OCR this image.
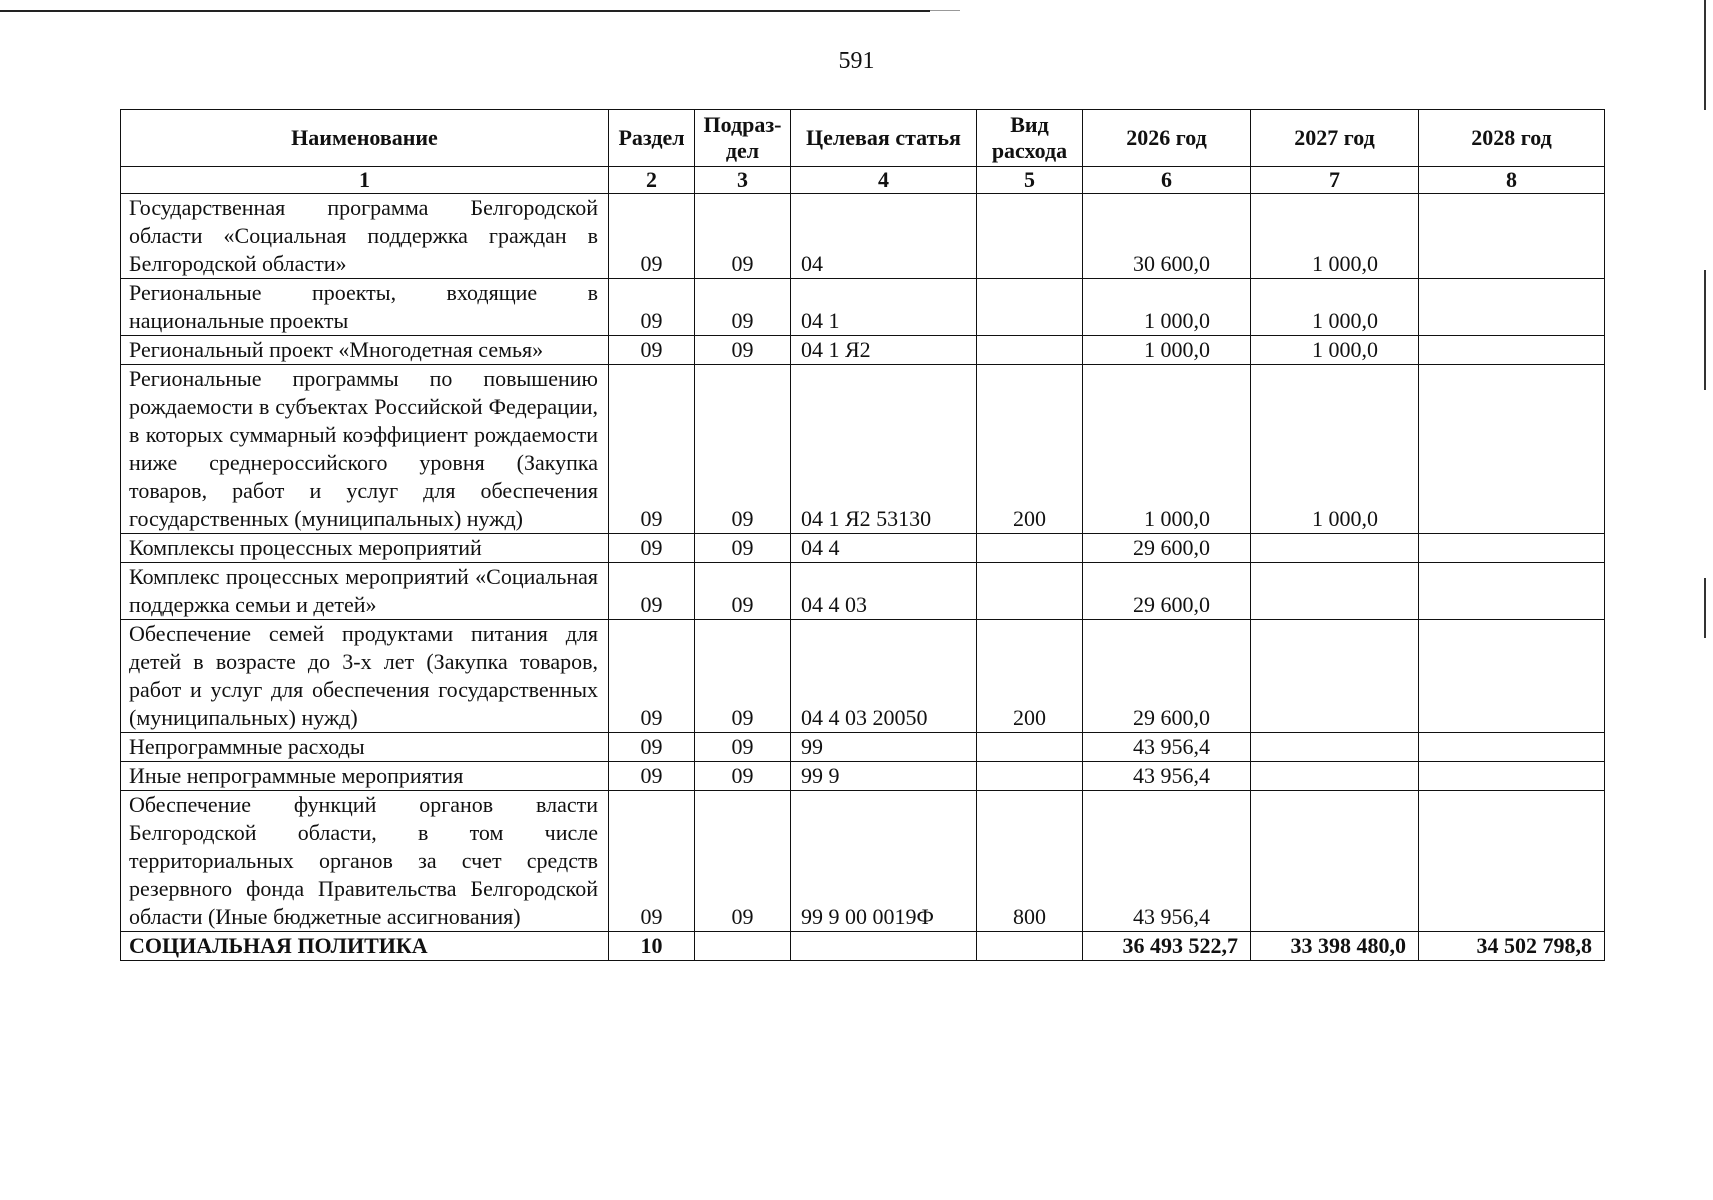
591
Наименование	Раздел	Подраз-дел	Целевая статья	Вид расхода	2026 год	2027 год	2028 год
1	2	3	4	5	6	7	8
Государственная программа Белгородской области «Социальная поддержка граждан в Белгородской области»	09	09	04		30 600,0	1 000,0	
Региональные проекты, входящие в национальные проекты	09	09	04 1		1 000,0	1 000,0	
Региональный проект «Многодетная семья»	09	09	04 1 Я2		1 000,0	1 000,0	
Региональные программы по повышению рождаемости в субъектах Российской Федерации, в которых суммарный коэффициент рождаемости ниже среднероссийского уровня (Закупка товаров, работ и услуг для обеспечения государственных (муниципальных) нужд)	09	09	04 1 Я2 53130	200	1 000,0	1 000,0	
Комплексы процессных мероприятий	09	09	04 4		29 600,0		
Комплекс процессных мероприятий «Социальная поддержка семьи и детей»	09	09	04 4 03		29 600,0		
Обеспечение семей продуктами питания для детей в возрасте до 3-х лет (Закупка товаров, работ и услуг для обеспечения государственных (муниципальных) нужд)	09	09	04 4 03 20050	200	29 600,0		
Непрограммные расходы	09	09	99		43 956,4		
Иные непрограммные мероприятия	09	09	99 9		43 956,4		
Обеспечение функций органов власти Белгородской области, в том числе территориальных органов за счет средств резервного фонда Правительства Белгородской области (Иные бюджетные ассигнования)	09	09	99 9 00 0019Ф	800	43 956,4		
СОЦИАЛЬНАЯ ПОЛИТИКА	10				36 493 522,7	33 398 480,0	34 502 798,8
